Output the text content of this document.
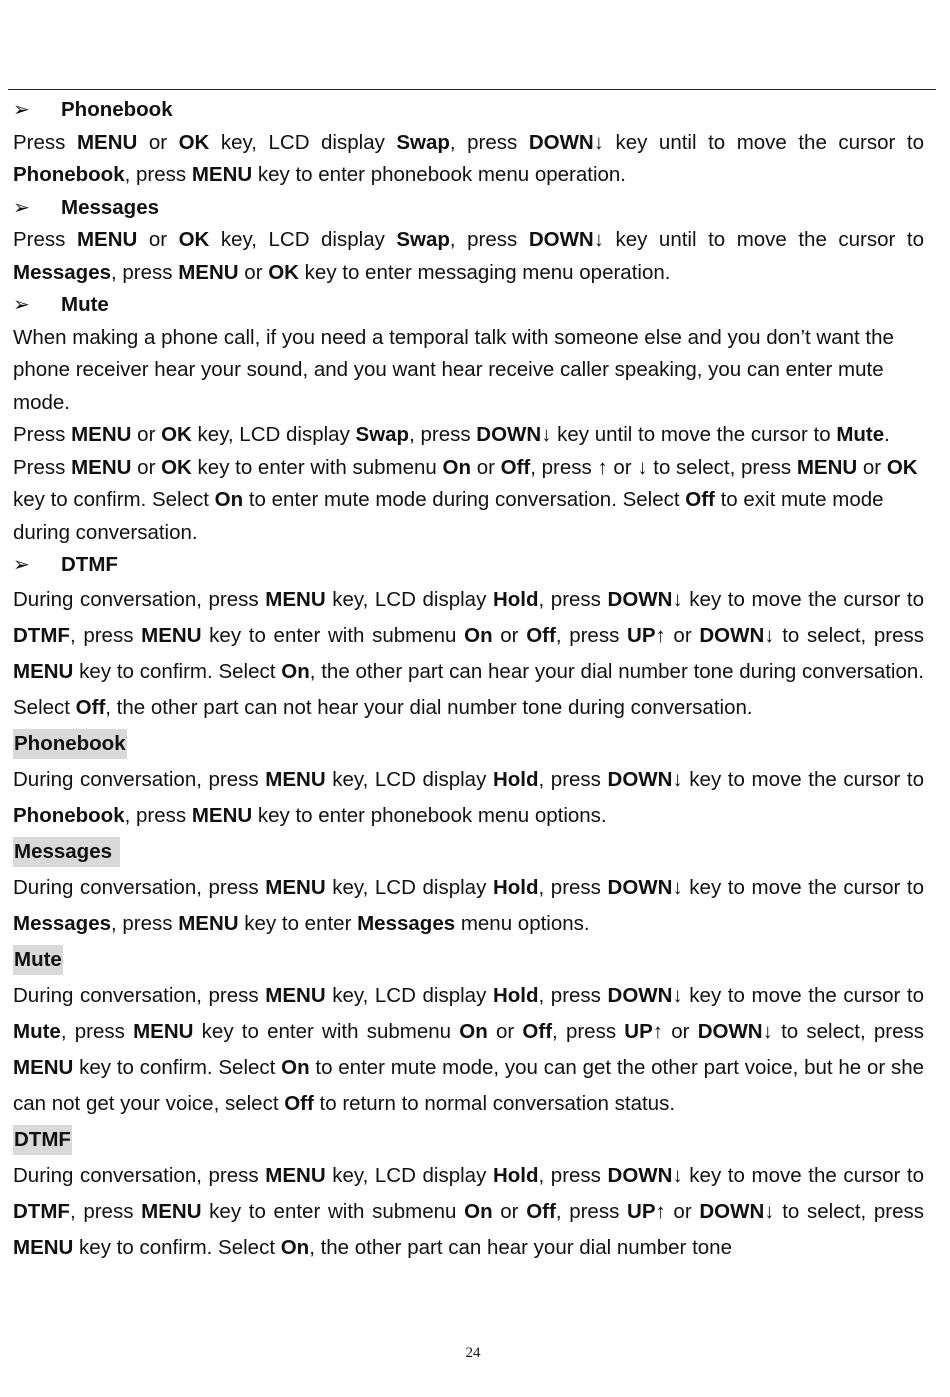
➢	Phonebook

Press MENU or OK key, LCD display Swap, press DOWN↓ key until to move the cursor to Phonebook, press MENU key to enter phonebook menu operation.

➢	Messages

Press MENU or OK key, LCD display Swap, press DOWN↓ key until to move the cursor to Messages, press MENU or OK key to enter messaging menu operation.

➢	Mute

When making a phone call, if you need a temporal talk with someone else and you don’t want the phone receiver hear your sound, and you want hear receive caller speaking, you can enter mute mode.

Press MENU or OK key, LCD display Swap, press DOWN↓ key until to move the cursor to Mute.

Press MENU or OK key to enter with submenu On or Off, press ↑ or ↓ to select, press MENU or OK key to confirm. Select On to enter mute mode during conversation. Select Off to exit mute mode during conversation.

➢	DTMF

During conversation, press MENU key, LCD display Hold, press DOWN↓ key to move the cursor to DTMF, press MENU key to enter with submenu On or Off, press UP↑ or DOWN↓ to select, press MENU key to confirm. Select On, the other part can hear your dial number tone during conversation. Select Off, the other part can not hear your dial number tone during conversation.

Phonebook

During conversation, press MENU key, LCD display Hold, press DOWN↓ key to move the cursor to Phonebook, press MENU key to enter phonebook menu options.

Messages

During conversation, press MENU key, LCD display Hold, press DOWN↓ key to move the cursor to Messages, press MENU key to enter Messages menu options.

Mute

During conversation, press MENU key, LCD display Hold, press DOWN↓ key to move the cursor to Mute, press MENU key to enter with submenu On or Off, press UP↑ or DOWN↓ to select, press MENU key to confirm. Select On to enter mute mode, you can get the other part voice, but he or she can not get your voice, select Off to return to normal conversation status.

DTMF

During conversation, press MENU key, LCD display Hold, press DOWN↓ key to move the cursor to DTMF, press MENU key to enter with submenu On or Off, press UP↑ or DOWN↓ to select, press MENU key to confirm. Select On, the other part can hear your dial number tone

24
